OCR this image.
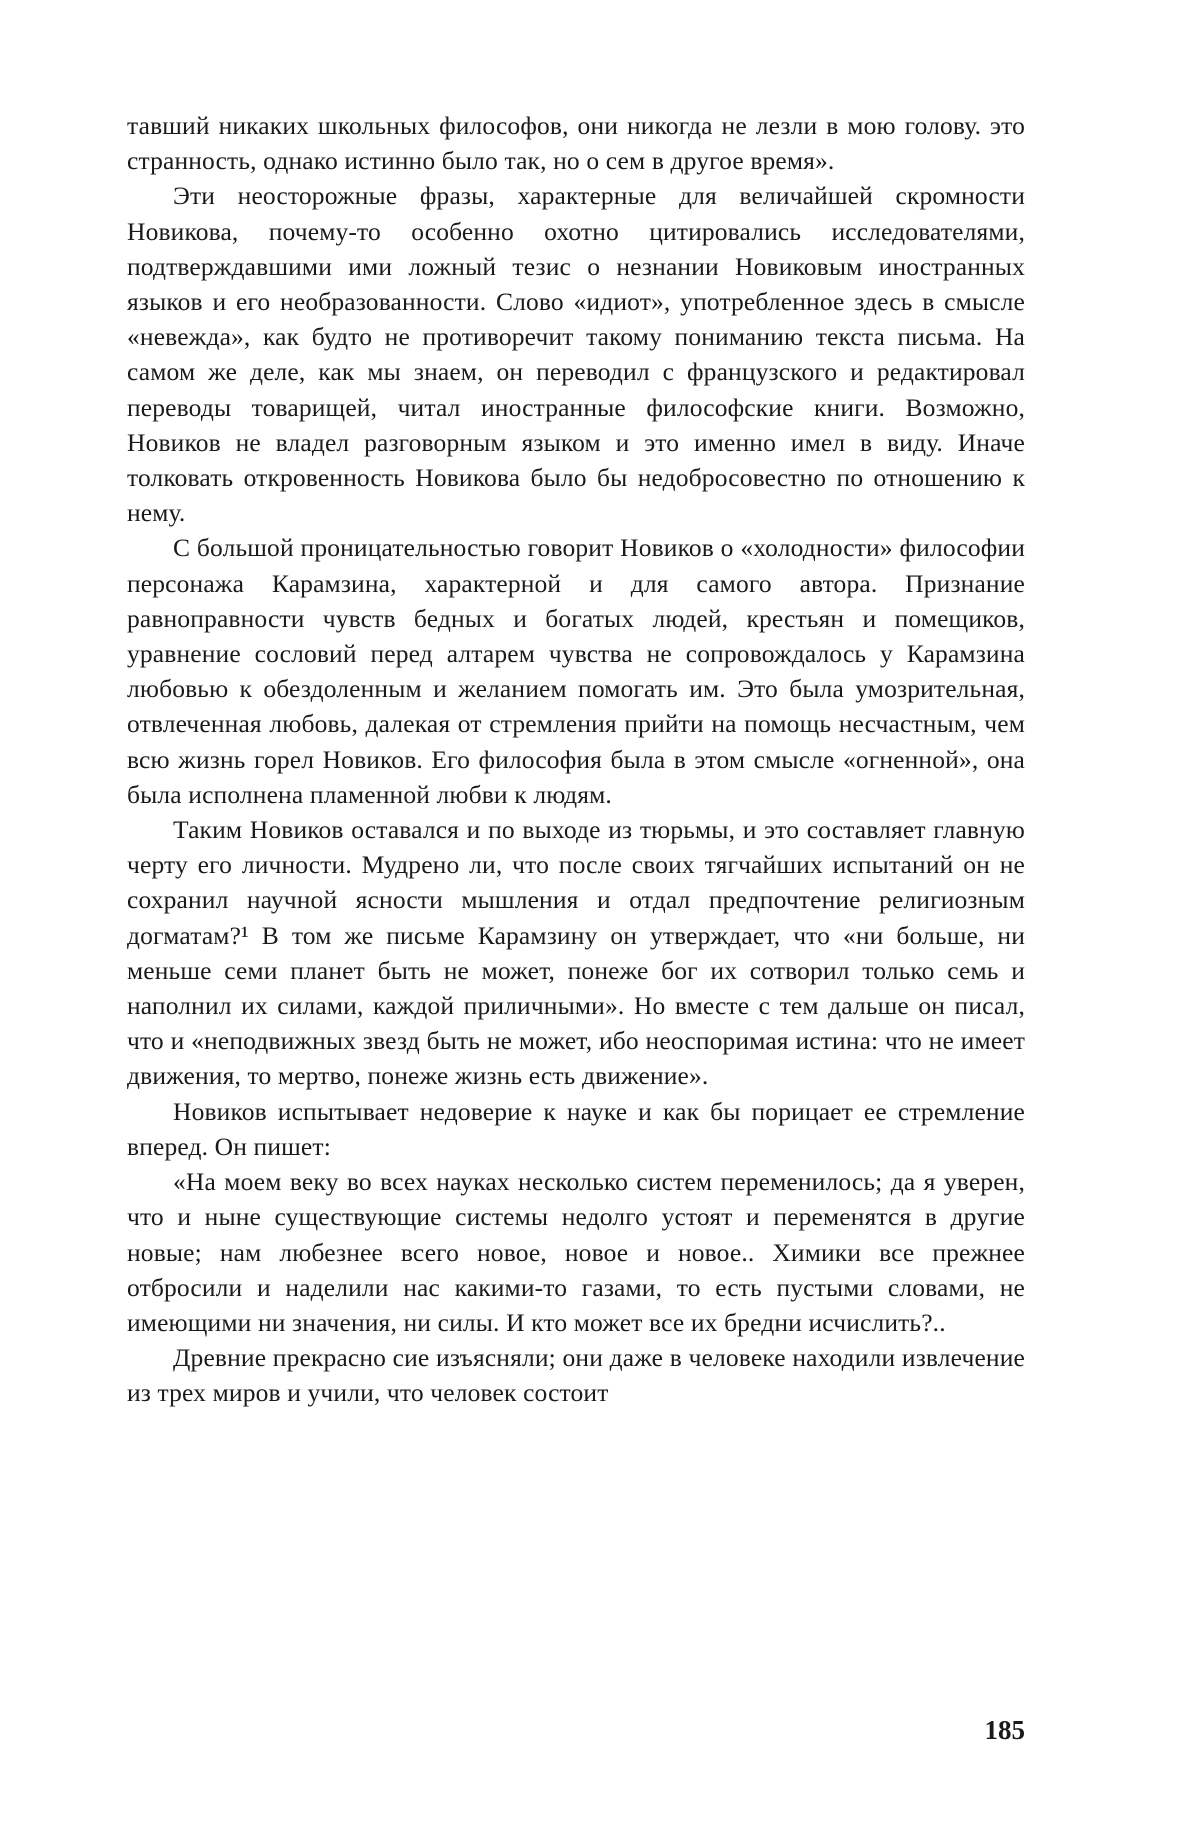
тавший никаких школьных философов, они никогда не лезли в мою голову. это странность, однако истинно было так, но о сем в другое время».

Эти неосторожные фразы, характерные для величайшей скромности Новикова, почему-то особенно охотно цитировались исследователями, подтверждавшими ими ложный тезис о незнании Новиковым иностранных языков и его необразованности. Слово «идиот», употребленное здесь в смысле «невежда», как будто не противоречит такому пониманию текста письма. На самом же деле, как мы знаем, он переводил с французского и редактировал переводы товарищей, читал иностранные философские книги. Возможно, Новиков не владел разговорным языком и это именно имел в виду. Иначе толковать откровенность Новикова было бы недобросовестно по отношению к нему.

С большой проницательностью говорит Новиков о «холодности» философии персонажа Карамзина, характерной и для самого автора. Признание равноправности чувств бедных и богатых людей, крестьян и помещиков, уравнение сословий перед алтарем чувства не сопровождалось у Карамзина любовью к обездоленным и желанием помогать им. Это была умозрительная, отвлеченная любовь, далекая от стремления прийти на помощь несчастным, чем всю жизнь горел Новиков. Его философия была в этом смысле «огненной», она была исполнена пламенной любви к людям.

Таким Новиков оставался и по выходе из тюрьмы, и это составляет главную черту его личности. Мудрено ли, что после своих тягчайших испытаний он не сохранил научной ясности мышления и отдал предпочтение религиозным догматам?¹ В том же письме Карамзину он утверждает, что «ни больше, ни меньше семи планет быть не может, понеже бог их сотворил только семь и наполнил их силами, каждой приличными». Но вместе с тем дальше он писал, что и «неподвижных звезд быть не может, ибо неоспоримая истина: что не имеет движения, то мертво, понеже жизнь есть движение».

Новиков испытывает недоверие к науке и как бы порицает ее стремление вперед. Он пишет:

«На моем веку во всех науках несколько систем переменилось; да я уверен, что и ныне существующие системы недолго устоят и переменятся в другие новые; нам любезнее всего новое, новое и новое.. Химики все прежнее отбросили и наделили нас какими-то газами, то есть пустыми словами, не имеющими ни значения, ни силы. И кто может все их бредни исчислить?..

Древние прекрасно сие изъясняли; они даже в человеке находили извлечение из трех миров и учили, что человек состоит

185
